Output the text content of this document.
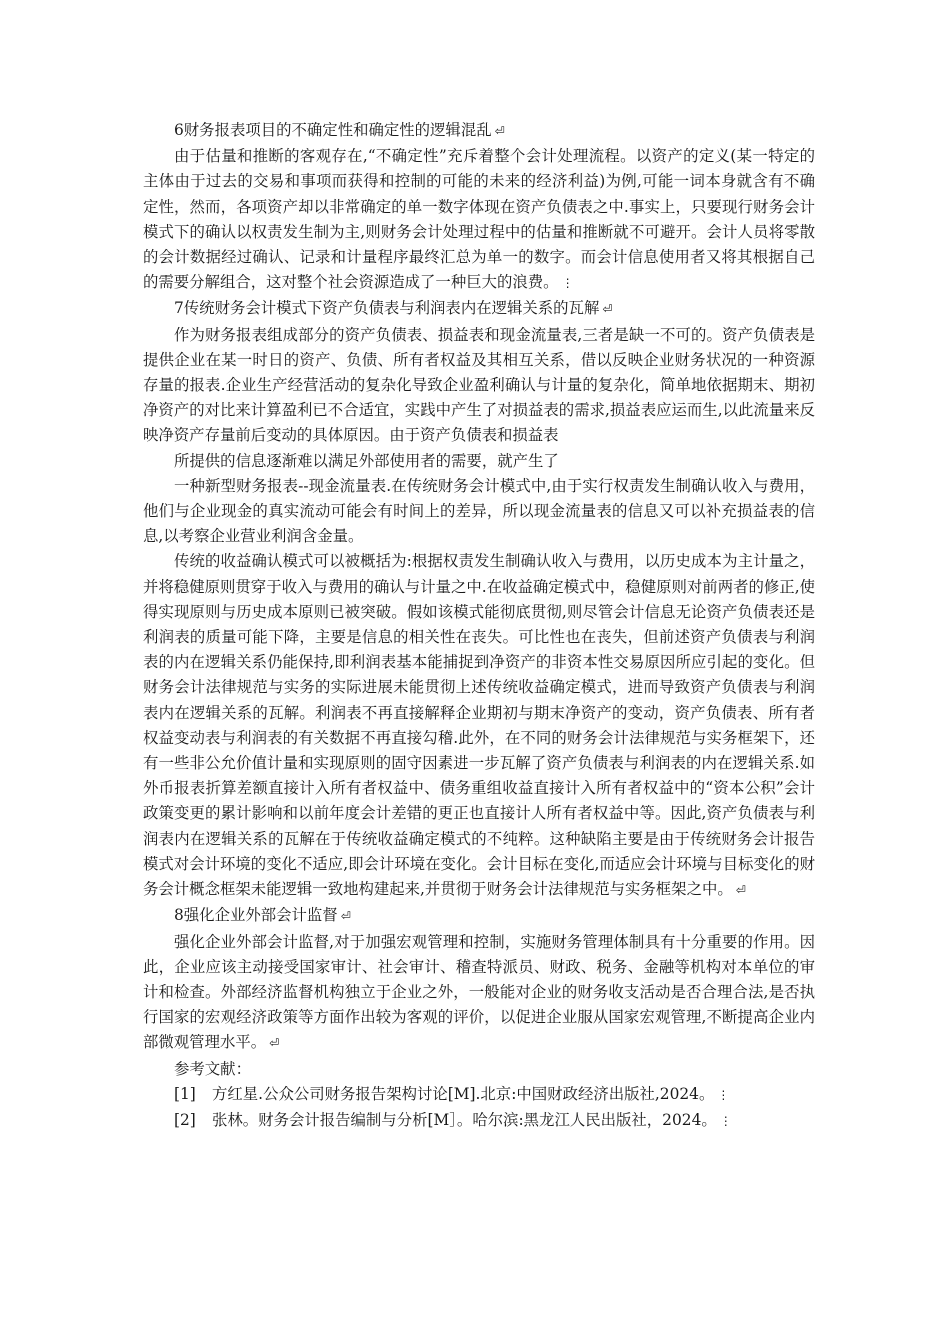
6财务报表项目的不确定性和确定性的逻辑混乱 ⏎

由于估量和推断的客观存在,“不确定性”充斥着整个会计处理流程。以资产的定义(某一特定的主体由于过去的交易和事项而获得和控制的可能的未来的经济利益)为例,可能一词本身就含有不确定性，然而，各项资产却以非常确定的单一数字体现在资产负债表之中.事实上，只要现行财务会计模式下的确认以权责发生制为主,则财务会计处理过程中的估量和推断就不可避开。会计人员将零散的会计数据经过确认、记录和计量程序最终汇总为单一的数字。而会计信息使用者又将其根据自己的需要分解组合，这对整个社会资源造成了一种巨大的浪费。 ⋮

7传统财务会计模式下资产负债表与利润表内在逻辑关系的瓦解 ⏎

作为财务报表组成部分的资产负债表、损益表和现金流量表,三者是缺一不可的。资产负债表是提供企业在某一时日的资产、负债、所有者权益及其相互关系，借以反映企业财务状况的一种资源存量的报表.企业生产经营活动的复杂化导致企业盈利确认与计量的复杂化，简单地依据期末、期初净资产的对比来计算盈利已不合适宜，实践中产生了对损益表的需求,损益表应运而生,以此流量来反映净资产存量前后变动的具体原因。由于资产负债表和损益表

所提供的信息逐渐难以满足外部使用者的需要，就产生了

一种新型财务报表--现金流量表.在传统财务会计模式中,由于实行权责发生制确认收入与费用，他们与企业现金的真实流动可能会有时间上的差异，所以现金流量表的信息又可以补充损益表的信息,以考察企业营业利润含金量。

传统的收益确认模式可以被概括为:根据权责发生制确认收入与费用，以历史成本为主计量之，并将稳健原则贯穿于收入与费用的确认与计量之中.在收益确定模式中，稳健原则对前两者的修正,使得实现原则与历史成本原则已被突破。假如该模式能彻底贯彻,则尽管会计信息无论资产负债表还是利润表的质量可能下降，主要是信息的相关性在丧失。可比性也在丧失，但前述资产负债表与利润表的内在逻辑关系仍能保持,即利润表基本能捕捉到净资产的非资本性交易原因所应引起的变化。但财务会计法律规范与实务的实际进展未能贯彻上述传统收益确定模式，进而导致资产负债表与利润表内在逻辑关系的瓦解。利润表不再直接解释企业期初与期末净资产的变动，资产负债表、所有者权益变动表与利润表的有关数据不再直接勾稽.此外，在不同的财务会计法律规范与实务框架下，还有一些非公允价值计量和实现原则的固守因素进一步瓦解了资产负债表与利润表的内在逻辑关系.如外币报表折算差额直接计入所有者权益中、债务重组收益直接计入所有者权益中的“资本公积”会计政策变更的累计影响和以前年度会计差错的更正也直接计人所有者权益中等。因此,资产负债表与利润表内在逻辑关系的瓦解在于传统收益确定模式的不纯粹。这种缺陷主要是由于传统财务会计报告模式对会计环境的变化不适应,即会计环境在变化。会计目标在变化,而适应会计环境与目标变化的财务会计概念框架未能逻辑一致地构建起来,并贯彻于财务会计法律规范与实务框架之中。 ⏎

8强化企业外部会计监督 ⏎

强化企业外部会计监督,对于加强宏观管理和控制，实施财务管理体制具有十分重要的作用。因此，企业应该主动接受国家审计、社会审计、稽查特派员、财政、税务、金融等机构对本单位的审计和检查。外部经济监督机构独立于企业之外，一般能对企业的财务收支活动是否合理合法,是否执行国家的宏观经济政策等方面作出较为客观的评价，以促进企业服从国家宏观管理,不断提高企业内部微观管理水平。 ⏎

参考文献：

[1] 方红星.公众公司财务报告架构讨论[M].北京:中国财政经济出版社,2024。 ⋮

[2] 张林。财务会计报告编制与分析[M］。哈尔滨:黑龙江人民出版社，2024。 ⋮
